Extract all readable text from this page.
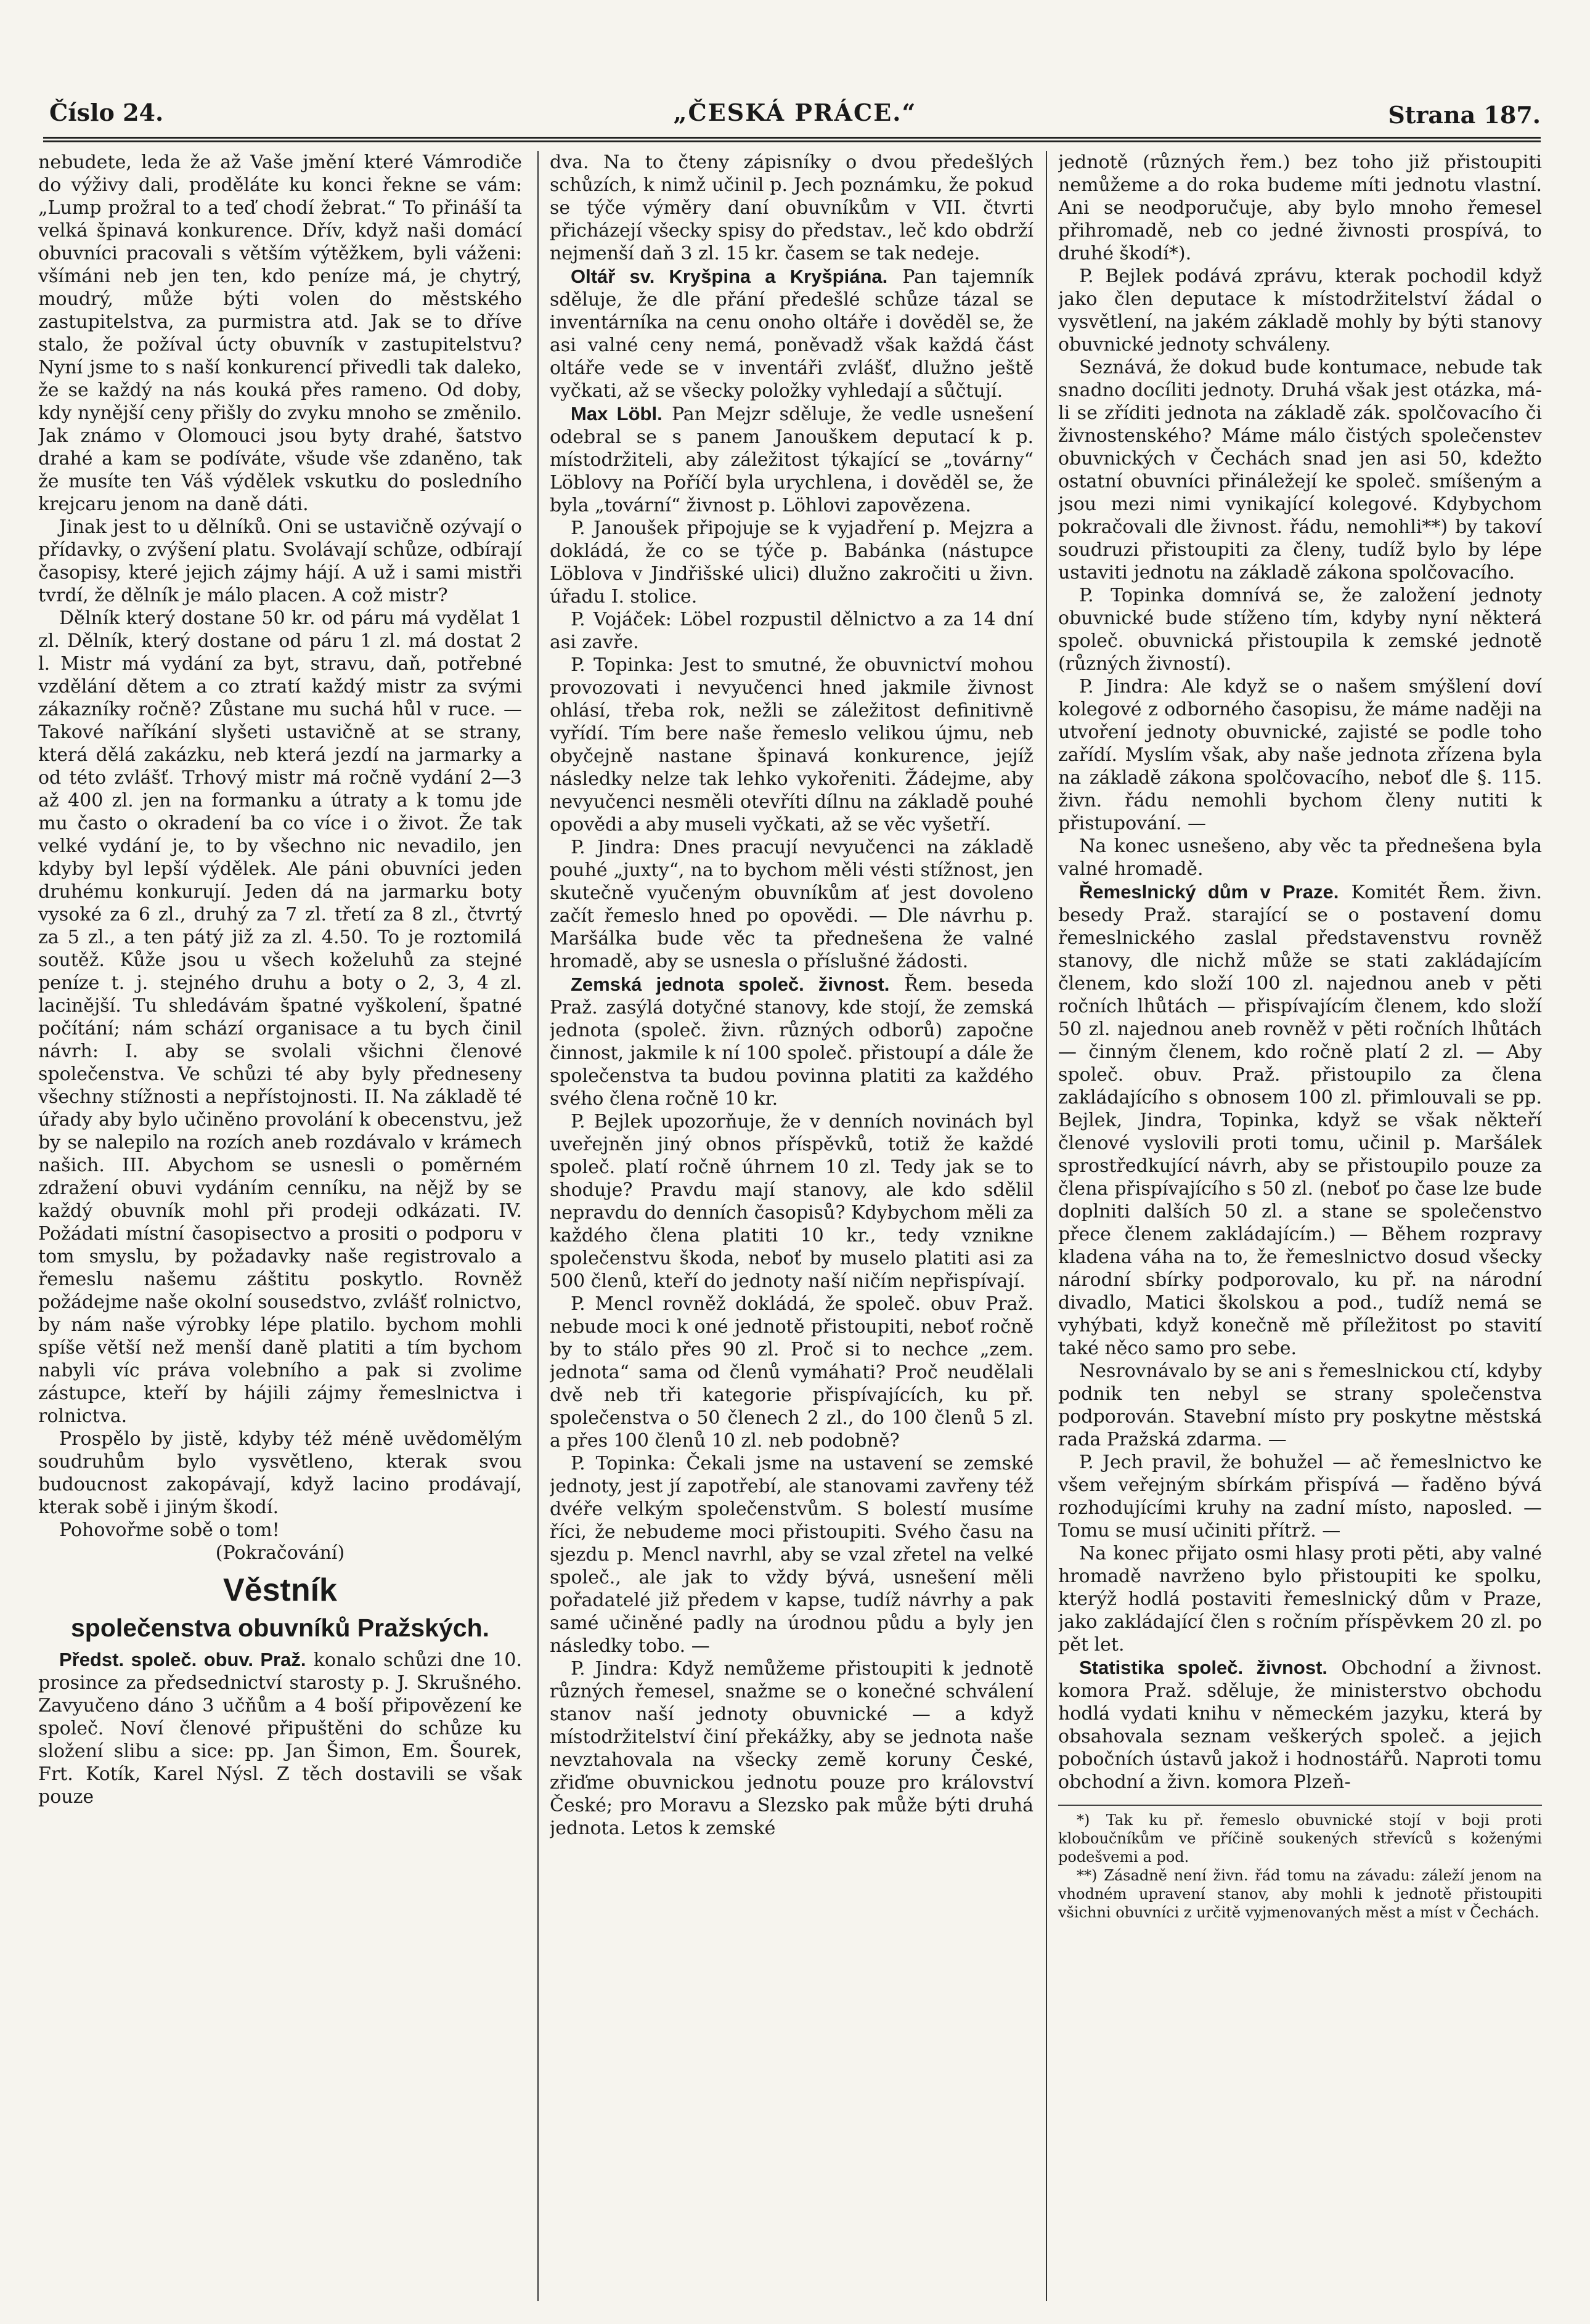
Číslo 24.	„ČESKÁ PRÁCE.“	Strana 187.

nebudete, leda že až Vaše jmění které Vámrodiče do výživy dali, proděláte ku konci řekne se vám: „Lump prožral to a teď chodí žebrat.“ To přináší ta velká špinavá konkurence. Dřív, když naši domácí obuvníci pracovali s větším výtěžkem, byli váženi: všímáni neb jen ten, kdo peníze má, je chytrý, moudrý, může býti volen do městského zastupitelstva, za purmistra atd. Jak se to dříve stalo, že požíval úcty obuvník v zastupitelstvu? Nyní jsme to s naší konkurencí přivedli tak daleko, že se každý na nás kouká přes rameno. Od doby, kdy nynější ceny přišly do zvyku mnoho se změnilo. Jak známo v Olomouci jsou byty drahé, šatstvo drahé a kam se podíváte, všude vše zdaněno, tak že musíte ten Váš výdělek vskutku do posledního krejcaru jenom na daně dáti.

Jinak jest to u dělníků. Oni se ustavičně ozývají o přídavky, o zvýšení platu. Svolávají schůze, odbírají časopisy, které jejich zájmy hájí. A už i sami mistři tvrdí, že dělník je málo placen. A což mistr?

Dělník který dostane 50 kr. od páru má vydělat 1 zl. Dělník, který dostane od páru 1 zl. má dostat 2 l. Mistr má vydání za byt, stravu, daň, potřebné vzdělání dětem a co ztratí každý mistr za svými zákazníky ročně? Zůstane mu suchá hůl v ruce. — Takové naříkání slyšeti ustavičně at se strany, která dělá zakázku, neb která jezdí na jarmarky a od této zvlášť. Trhový mistr má ročně vydání 2—3 až 400 zl. jen na formanku a útraty a k tomu jde mu často o okradení ba co více i o život. Že tak velké vydání je, to by všechno nic nevadilo, jen kdyby byl lepší výdělek. Ale páni obuvníci jeden druhému konkurují. Jeden dá na jarmarku boty vysoké za 6 zl., druhý za 7 zl. třetí za 8 zl., čtvrtý za 5 zl., a ten pátý již za zl. 4.50. To je roztomilá soutěž. Kůže jsou u všech koželuhů za stejné peníze t. j. stejného druhu a boty o 2, 3, 4 zl. lacinější. Tu shledávám špatné vyškolení, špatné počítání; nám schází organisace a tu bych činil návrh: I. aby se svolali všichni členové společenstva. Ve schůzi té aby byly předneseny všechny stížnosti a nepřístojnosti. II. Na základě té úřady aby bylo učiněno provolání k obecenstvu, jež by se nalepilo na rozích aneb rozdávalo v krámech našich. III. Abychom se usnesli o poměrném zdražení obuvi vydáním cenníku, na nějž by se každý obuvník mohl při prodeji odkázati. IV. Požádati místní časopisectvo a prositi o podporu v tom smyslu, by požadavky naše registrovalo a řemeslu našemu záštitu poskytlo. Rovněž požádejme naše okolní sousedstvo, zvlášť rolnictvo, by nám naše výrobky lépe platilo. bychom mohli spíše větší než menší daně platiti a tím bychom nabyli víc práva volebního a pak si zvolime zástupce, kteří by hájili zájmy řemeslnictva i rolnictva.

Prospělo by jistě, kdyby též méně uvědomělým soudruhům bylo vysvětleno, kterak svou budoucnost zakopávají, když lacino prodávají, kterak sobě i jiným škodí.

Pohovořme sobě o tom!

(Pokračování)

Věstník
společenstva obuvníků Pražských.

Předst. společ. obuv. Praž. konalo schůzi dne 10. prosince za předsednictví starosty p. J. Skrušného. Zavyučeno dáno 3 učňům a 4 boší připovězení ke společ. Noví členové připuštěni do schůze ku složení slibu a sice: pp. Jan Šimon, Em. Šourek, Frt. Kotík, Karel Nýsl. Z těch dostavili se však pouze

dva. Na to čteny zápisníky o dvou předešlých schůzích, k nimž učinil p. Jech poznámku, že pokud se týče výměry daní obuvníkům v VII. čtvrti přicházejí všecky spisy do představ., leč kdo obdrží nejmenší daň 3 zl. 15 kr. časem se tak nedeje.

Oltář sv. Kryšpina a Kryšpiána. Pan tajemník sděluje, že dle přání předešlé schůze tázal se inventárníka na cenu onoho oltáře i dověděl se, že asi valné ceny nemá, poněvadž však každá část oltáře vede se v inventáři zvlášť, dlužno ještě vyčkati, až se všecky položky vyhledají a sůčtují.

Max Löbl. Pan Mejzr sděluje, že vedle usnešení odebral se s panem Janouškem deputací k p. místodržiteli, aby záležitost týkající se „továrny“ Löblovy na Poříčí byla urychlena, i dověděl se, že byla „tovární“ živnost p. Löhlovi zapovězena.

P. Janoušek připojuje se k vyjadření p. Mejzra a dokládá, že co se týče p. Babánka (nástupce Löblova v Jindřišské ulici) dlužno zakročiti u živn. úřadu I. stolice.

P. Vojáček: Löbel rozpustil dělnictvo a za 14 dní asi zavře.

P. Topinka: Jest to smutné, že obuvnictví mohou provozovati i nevyučenci hned jakmile živnost ohlásí, třeba rok, nežli se záležitost definitivně vyřídí. Tím bere naše řemeslo velikou újmu, neb obyčejně nastane špinavá konkurence, jejíž následky nelze tak lehko vykořeniti. Žádejme, aby nevyučenci nesměli otevříti dílnu na základě pouhé opovědi a aby museli vyčkati, až se věc vyšetří.

P. Jindra: Dnes pracují nevyučenci na základě pouhé „juxty“, na to bychom měli vésti stížnost, jen skutečně vyučeným obuvníkům ať jest dovoleno začít řemeslo hned po opovědi. — Dle návrhu p. Maršálka bude věc ta přednešena že valné hromadě, aby se usnesla o příslušné žádosti.

Zemská jednota společ. živnost. Řem. beseda Praž. zasýlá dotyčné stanovy, kde stojí, že zemská jednota (společ. živn. různých odborů) započne činnost, jakmile k ní 100 společ. přistoupí a dále že společenstva ta budou povinna platiti za každého svého člena ročně 10 kr.

P. Bejlek upozorňuje, že v denních novinách byl uveřejněn jiný obnos příspěvků, totiž že každé společ. platí ročně úhrnem 10 zl. Tedy jak se to shoduje? Pravdu mají stanovy, ale kdo sdělil nepravdu do denních časopisů? Kdybychom měli za každého člena platiti 10 kr., tedy vznikne společenstvu škoda, neboť by muselo platiti asi za 500 členů, kteří do jednoty naší ničím nepřispívají.

P. Mencl rovněž dokládá, že společ. obuv Praž. nebude moci k oné jednotě přistoupiti, neboť ročně by to stálo přes 90 zl. Proč si to nechce „zem. jednota“ sama od členů vymáhati? Proč neudělali dvě neb tři kategorie přispívajících, ku př. společenstva o 50 členech 2 zl., do 100 členů 5 zl. a přes 100 členů 10 zl. neb podobně?

P. Topinka: Čekali jsme na ustavení se zemské jednoty, jest jí zapotřebí, ale stanovami zavřeny též dvéře velkým společenstvům. S bolestí musíme říci, že nebudeme moci přistoupiti. Svého času na sjezdu p. Mencl navrhl, aby se vzal zřetel na velké společ., ale jak to vždy bývá, usnešení měli pořadatelé již předem v kapse, tudíž návrhy a pak samé učiněné padly na úrodnou půdu a byly jen následky tobo. —

P. Jindra: Když nemůžeme přistoupiti k jednotě různých řemesel, snažme se o konečné schválení stanov naší jednoty obuvnické — a když místodržitelství činí překážky, aby se jednota naše nevztahovala na všecky země koruny České, zřiďme obuvnickou jednotu pouze pro království České; pro Moravu a Slezsko pak může býti druhá jednota. Letos k zemské

jednotě (různých řem.) bez toho již přistoupiti nemůžeme a do roka budeme míti jednotu vlastní. Ani se neodporučuje, aby bylo mnoho řemesel přihromadě, neb co jedné živnosti prospívá, to druhé škodí*).

P. Bejlek podává zprávu, kterak pochodil když jako člen deputace k místodržitelství žádal o vysvětlení, na jakém základě mohly by býti stanovy obuvnické jednoty schváleny.

Seznává, že dokud bude kontumace, nebude tak snadno docíliti jednoty. Druhá však jest otázka, má-li se zříditi jednota na základě zák. spolčovacího či živnostenského? Máme málo čistých společenstev obuvnických v Čechách snad jen asi 50, kdežto ostatní obuvníci přináležejí ke společ. smíšeným a jsou mezi nimi vynikající kolegové. Kdybychom pokračovali dle živnost. řádu, nemohli**) by takoví soudruzi přistoupiti za členy, tudíž bylo by lépe ustaviti jednotu na základě zákona spolčovacího.

P. Topinka domnívá se, že založení jednoty obuvnické bude stíženo tím, kdyby nyní některá společ. obuvnická přistoupila k zemské jednotě (různých živností).

P. Jindra: Ale když se o našem smýšlení doví kolegové z odborného časopisu, že máme naději na utvoření jednoty obuvnické, zajisté se podle toho zařídí. Myslím však, aby naše jednota zřízena byla na základě zákona spolčovacího, neboť dle §. 115. živn. řádu nemohli bychom členy nutiti k přistupování. —

Na konec usnešeno, aby věc ta přednešena byla valné hromadě.

Řemeslnický dům v Praze. Komitét Řem. živn. besedy Praž. starající se o postavení domu řemeslnického zaslal představenstvu rovněž stanovy, dle nichž může se stati zakládajícím členem, kdo složí 100 zl. najednou aneb v pěti ročních lhůtách — přispívajícím členem, kdo složí 50 zl. najednou aneb rovněž v pěti ročních lhůtách — činným členem, kdo ročně platí 2 zl. — Aby společ. obuv. Praž. přistoupilo za člena zakládajícího s obnosem 100 zl. přimlouvali se pp. Bejlek, Jindra, Topinka, když se však někteří členové vyslovili proti tomu, učinil p. Maršálek sprostředkující návrh, aby se přistoupilo pouze za člena přispívajícího s 50 zl. (neboť po čase lze bude doplniti dalších 50 zl. a stane se společenstvo přece členem zakládajícím.) — Během rozpravy kladena váha na to, že řemeslnictvo dosud všecky národní sbírky podporovalo, ku př. na národní divadlo, Matici školskou a pod., tudíž nemá se vyhýbati, když konečně mě příležitost po stavití také něco samo pro sebe.

Nesrovnávalo by se ani s řemeslnickou ctí, kdyby podnik ten nebyl se strany společenstva podporován. Stavební místo pry poskytne městská rada Pražská zdarma. —

P. Jech pravil, že bohužel — ač řemeslnictvo ke všem veřejným sbírkám přispívá — řaděno bývá rozhodujícími kruhy na zadní místo, naposled. — Tomu se musí učiniti přítrž. —

Na konec přijato osmi hlasy proti pěti, aby valné hromadě navrženo bylo přistoupiti ke spolku, kterýž hodlá postaviti řemeslnický dům v Praze, jako zakládající člen s ročním příspěvkem 20 zl. po pět let.

Statistika společ. živnost. Obchodní a živnost. komora Praž. sděluje, že ministerstvo obchodu hodlá vydati knihu v německém jazyku, která by obsahovala seznam veškerých společ. a jejich pobočních ústavů jakož i hodnostářů. Naproti tomu obchodní a živn. komora Plzeň-

*) Tak ku př. řemeslo obuvnické stojí v boji proti kloboučníkům ve příčině soukených střevíců s koženými podešvemi a pod.

**) Zásadně není živn. řád tomu na závadu: záleží jenom na vhodném upravení stanov, aby mohli k jednotě přistoupiti všichni obuvníci z určitě vyjmenovaných měst a míst v Čechách.
